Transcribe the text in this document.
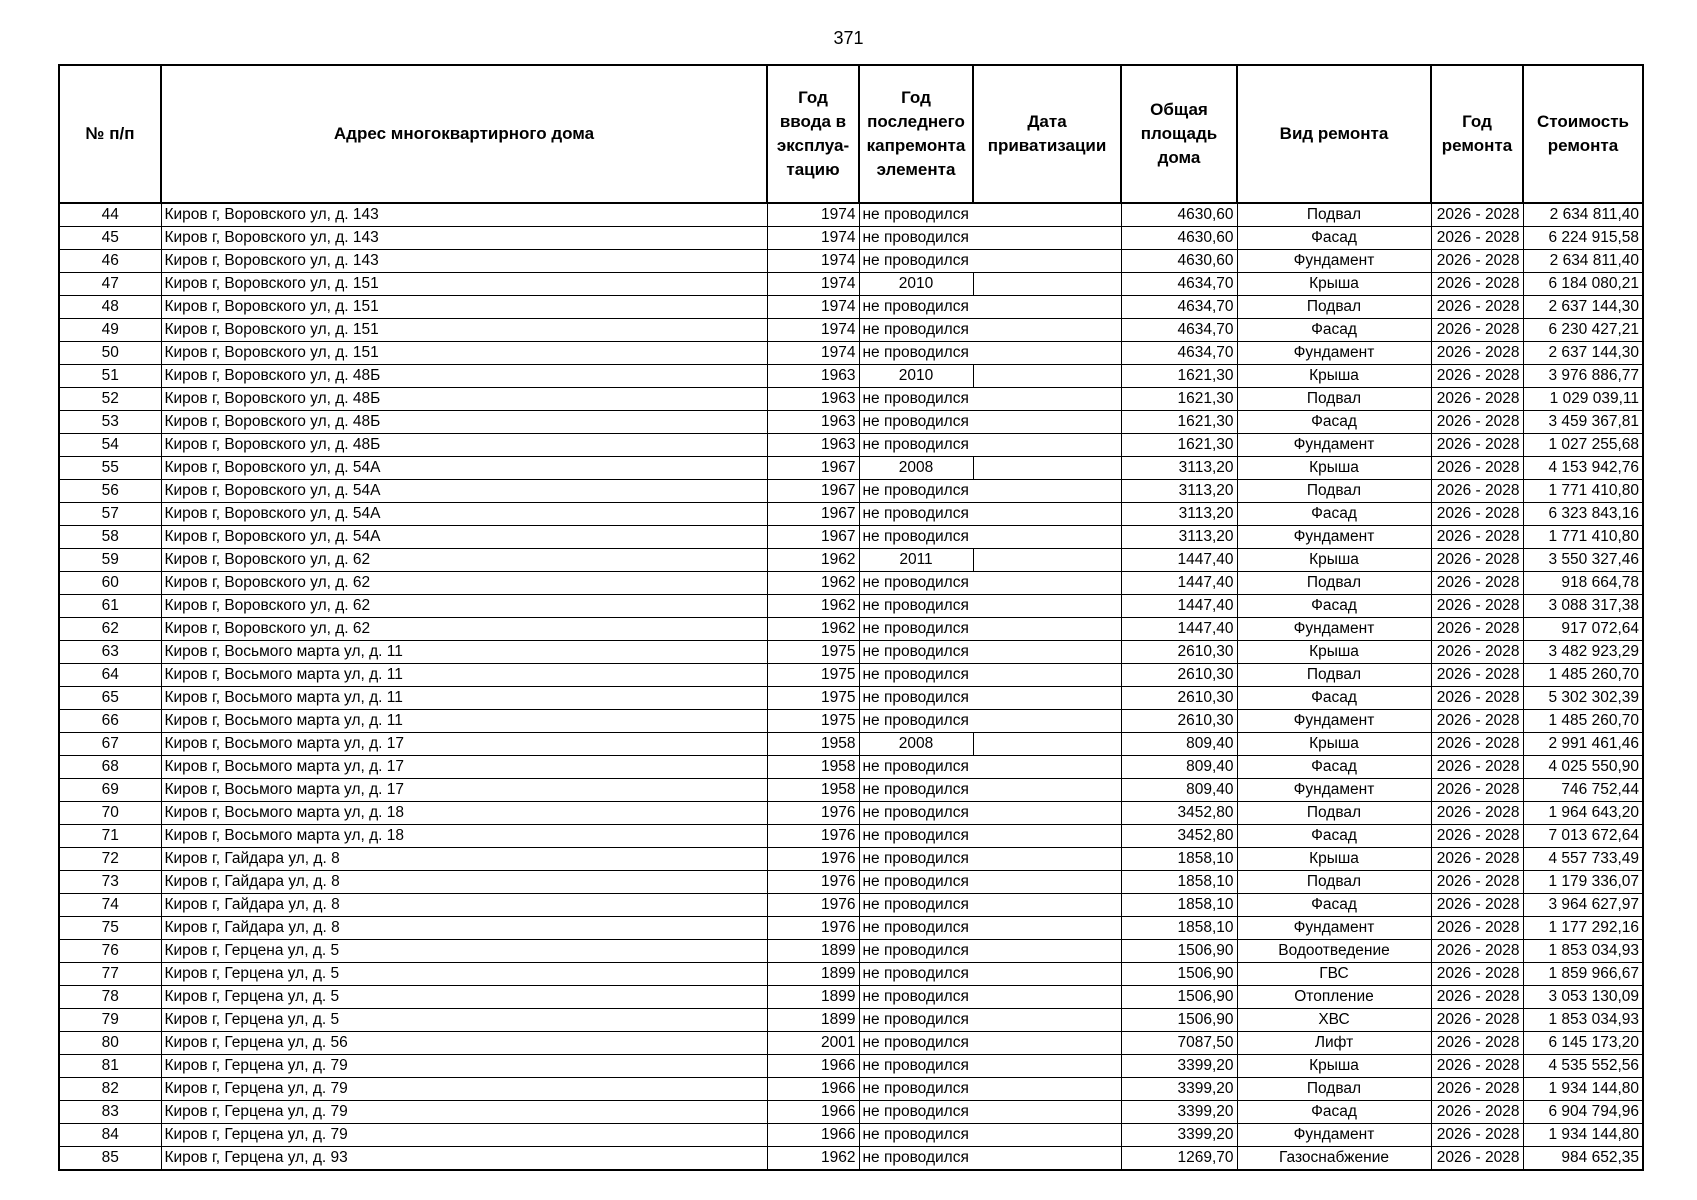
371
№ п/п	Адрес многоквартирного дома	Год ввода в эксплуа-тацию	Год последнего капремонта элемента	Дата приватизации	Общая площадь дома	Вид ремонта	Год ремонта	Стоимость ремонта
44	Киров г, Воровского ул, д. 143	1974	не проводился		4630,60	Подвал	2026 - 2028	2 634 811,40
45	Киров г, Воровского ул, д. 143	1974	не проводился		4630,60	Фасад	2026 - 2028	6 224 915,58
46	Киров г, Воровского ул, д. 143	1974	не проводился		4630,60	Фундамент	2026 - 2028	2 634 811,40
47	Киров г, Воровского ул, д. 151	1974	2010		4634,70	Крыша	2026 - 2028	6 184 080,21
48	Киров г, Воровского ул, д. 151	1974	не проводился		4634,70	Подвал	2026 - 2028	2 637 144,30
49	Киров г, Воровского ул, д. 151	1974	не проводился		4634,70	Фасад	2026 - 2028	6 230 427,21
50	Киров г, Воровского ул, д. 151	1974	не проводился		4634,70	Фундамент	2026 - 2028	2 637 144,30
51	Киров г, Воровского ул, д. 48Б	1963	2010		1621,30	Крыша	2026 - 2028	3 976 886,77
52	Киров г, Воровского ул, д. 48Б	1963	не проводился		1621,30	Подвал	2026 - 2028	1 029 039,11
53	Киров г, Воровского ул, д. 48Б	1963	не проводился		1621,30	Фасад	2026 - 2028	3 459 367,81
54	Киров г, Воровского ул, д. 48Б	1963	не проводился		1621,30	Фундамент	2026 - 2028	1 027 255,68
55	Киров г, Воровского ул, д. 54А	1967	2008		3113,20	Крыша	2026 - 2028	4 153 942,76
56	Киров г, Воровского ул, д. 54А	1967	не проводился		3113,20	Подвал	2026 - 2028	1 771 410,80
57	Киров г, Воровского ул, д. 54А	1967	не проводился		3113,20	Фасад	2026 - 2028	6 323 843,16
58	Киров г, Воровского ул, д. 54А	1967	не проводился		3113,20	Фундамент	2026 - 2028	1 771 410,80
59	Киров г, Воровского ул, д. 62	1962	2011		1447,40	Крыша	2026 - 2028	3 550 327,46
60	Киров г, Воровского ул, д. 62	1962	не проводился		1447,40	Подвал	2026 - 2028	918 664,78
61	Киров г, Воровского ул, д. 62	1962	не проводился		1447,40	Фасад	2026 - 2028	3 088 317,38
62	Киров г, Воровского ул, д. 62	1962	не проводился		1447,40	Фундамент	2026 - 2028	917 072,64
63	Киров г, Восьмого марта ул, д. 11	1975	не проводился		2610,30	Крыша	2026 - 2028	3 482 923,29
64	Киров г, Восьмого марта ул, д. 11	1975	не проводился		2610,30	Подвал	2026 - 2028	1 485 260,70
65	Киров г, Восьмого марта ул, д. 11	1975	не проводился		2610,30	Фасад	2026 - 2028	5 302 302,39
66	Киров г, Восьмого марта ул, д. 11	1975	не проводился		2610,30	Фундамент	2026 - 2028	1 485 260,70
67	Киров г, Восьмого марта ул, д. 17	1958	2008		809,40	Крыша	2026 - 2028	2 991 461,46
68	Киров г, Восьмого марта ул, д. 17	1958	не проводился		809,40	Фасад	2026 - 2028	4 025 550,90
69	Киров г, Восьмого марта ул, д. 17	1958	не проводился		809,40	Фундамент	2026 - 2028	746 752,44
70	Киров г, Восьмого марта ул, д. 18	1976	не проводился		3452,80	Подвал	2026 - 2028	1 964 643,20
71	Киров г, Восьмого марта ул, д. 18	1976	не проводился		3452,80	Фасад	2026 - 2028	7 013 672,64
72	Киров г, Гайдара ул, д. 8	1976	не проводился		1858,10	Крыша	2026 - 2028	4 557 733,49
73	Киров г, Гайдара ул, д. 8	1976	не проводился		1858,10	Подвал	2026 - 2028	1 179 336,07
74	Киров г, Гайдара ул, д. 8	1976	не проводился		1858,10	Фасад	2026 - 2028	3 964 627,97
75	Киров г, Гайдара ул, д. 8	1976	не проводился		1858,10	Фундамент	2026 - 2028	1 177 292,16
76	Киров г, Герцена ул, д. 5	1899	не проводился		1506,90	Водоотведение	2026 - 2028	1 853 034,93
77	Киров г, Герцена ул, д. 5	1899	не проводился		1506,90	ГВС	2026 - 2028	1 859 966,67
78	Киров г, Герцена ул, д. 5	1899	не проводился		1506,90	Отопление	2026 - 2028	3 053 130,09
79	Киров г, Герцена ул, д. 5	1899	не проводился		1506,90	ХВС	2026 - 2028	1 853 034,93
80	Киров г, Герцена ул, д. 56	2001	не проводился		7087,50	Лифт	2026 - 2028	6 145 173,20
81	Киров г, Герцена ул, д. 79	1966	не проводился		3399,20	Крыша	2026 - 2028	4 535 552,56
82	Киров г, Герцена ул, д. 79	1966	не проводился		3399,20	Подвал	2026 - 2028	1 934 144,80
83	Киров г, Герцена ул, д. 79	1966	не проводился		3399,20	Фасад	2026 - 2028	6 904 794,96
84	Киров г, Герцена ул, д. 79	1966	не проводился		3399,20	Фундамент	2026 - 2028	1 934 144,80
85	Киров г, Герцена ул, д. 93	1962	не проводился		1269,70	Газоснабжение	2026 - 2028	984 652,35
